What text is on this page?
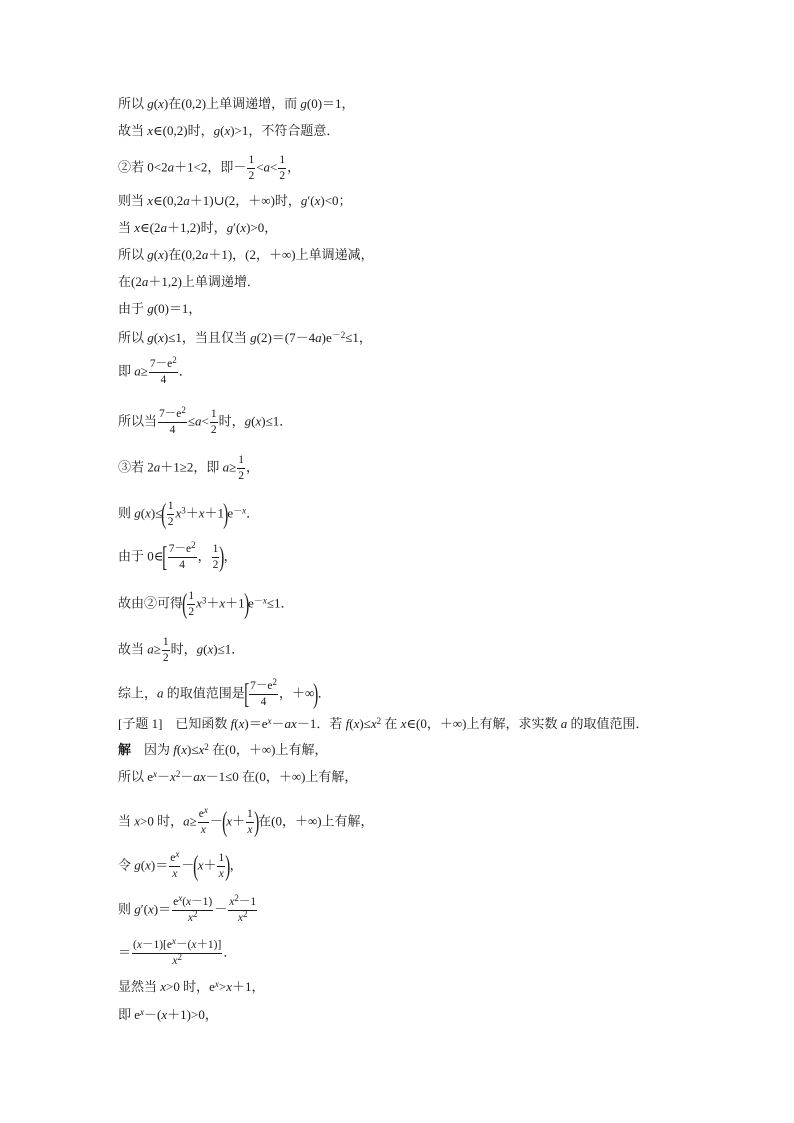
所以 g(x)在(0,2)上单调递增，而 g(0)＝1，
故当 x∈(0,2)时，g(x)>1，不符合题意．
②若 0<2a＋1<2，即－ $\frac{1}{2} <a< \frac{1}{2}$ ，
则当 x∈(0,2a＋1)∪(2，＋∞)时，g′(x)<0；
当 x∈(2a＋1,2)时，g′(x)>0，
所以 g(x)在(0,2a＋1)，(2，＋∞)上单调递减，
在(2a＋1,2)上单调递增．
由于 g(0)＝1，
所以 g(x)≤1，当且仅当 $g(2)=(7-4a)e^{-2}\le 1$，
即 $a\ge \frac{7-e^2}{4}$ ．
所以当 $\frac{7-e^2}{4} \le a< \frac{1}{2}$ 时，g(x)≤1．
③若 2a＋1≥2，即 $a\ge \frac{1}{2}$ ，
则 $g(x)\le( \frac{1}{2} x^3+x+1)e^{-x}$．
由于 0∈[ $\frac{7-e^2}{4}$ ， $\frac{1}{2}$ )，
故由②可得( $\frac{1}{2} x^3+x+1)e^{-x}\le 1$．
故当 $a\ge \frac{1}{2}$ 时，g(x)≤1．
综上，a 的取值范围是[ $\frac{7-e^2}{4}$ ，＋∞)．
[子题 1]　已知函数 $f(x)=e^x-ax-1$．若 $f(x)\le x^2$ 在 x∈(0，＋∞)上有解，求实数 a 的取值范围．
解　因为 $f(x)\le x^2$ 在(0，＋∞)上有解，
所以 $e^x-x^2-ax-1\le 0$ 在(0，＋∞)上有解，
当 x>0 时，$a\ge \frac{e^x}{x} -(x+ \frac{1}{x}$ )在(0，＋∞)上有解，
令 $g(x)= \frac{e^x}{x} -(x+ \frac{1}{x}$ )，
则 $g'(x)= \frac{e^x(x-1)}{x^2} - \frac{x^2-1}{x^2}$
＝ $\frac{(x-1)[e^x-(x+1)]}{x^2}$ ．
显然当 x>0 时，$e^x>x+1$，
即 $e^x-(x+1)>0$，
